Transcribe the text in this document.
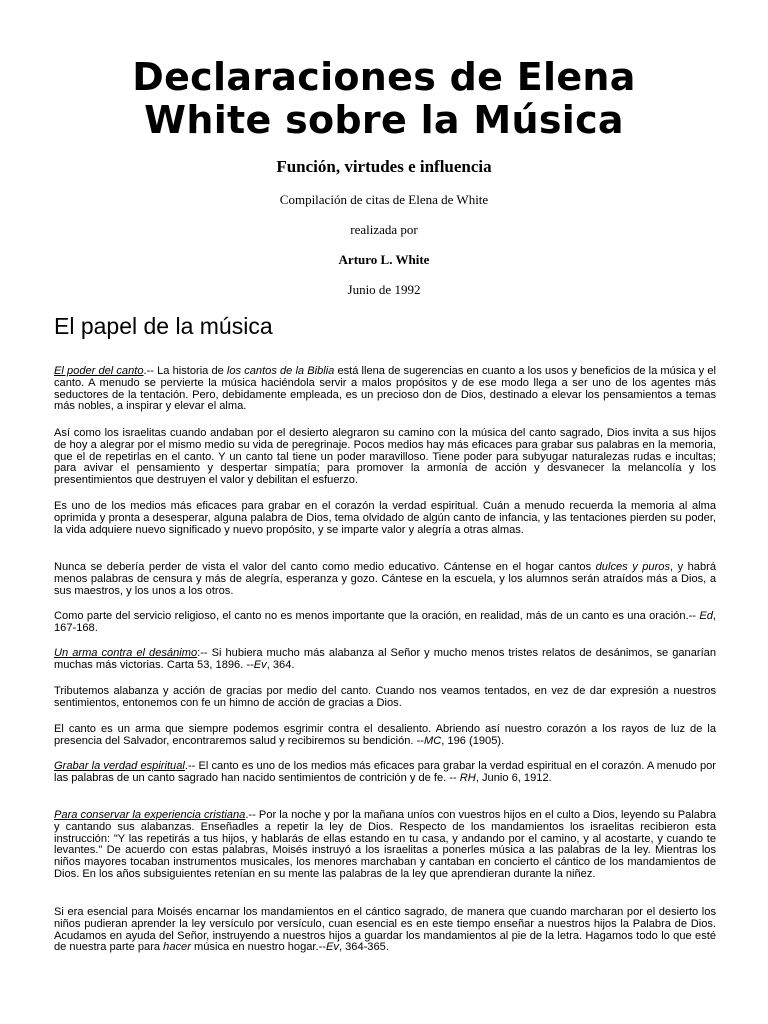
Declaraciones de Elena
White sobre la Música
Función, virtudes e influencia
Compilación de citas de Elena de White
realizada por
Arturo L. White
Junio de 1992
El papel de la música
El poder del canto.-- La historia de los cantos de la Biblia está llena de sugerencias en cuanto a los usos y beneficios de la música y el canto. A menudo se pervierte la música haciéndola servir a malos propósitos y de ese modo llega a ser uno de los agentes más seductores de la tentación. Pero, debidamente empleada, es un precioso don de Dios, destinado a elevar los pensamientos a temas más nobles, a inspirar y elevar el alma.
Así como los israelitas cuando andaban por el desierto alegraron su camino con la música del canto sagrado, Dios invita a sus hijos de hoy a alegrar por el mismo medio su vida de peregrinaje. Pocos medios hay más eficaces para grabar sus palabras en la memoria, que el de repetirlas en el canto. Y un canto tal tiene un poder maravilloso. Tiene poder para subyugar naturalezas rudas e incultas; para avivar el pensamiento y despertar simpatía; para promover la armonía de acción y desvanecer la melancolía y los presentimientos que destruyen el valor y debilitan el esfuerzo.
Es uno de los medios más eficaces para grabar en el corazón la verdad espiritual. Cuán a menudo recuerda la memoria al alma oprimida y pronta a desesperar, alguna palabra de Dios, tema olvidado de algún canto de infancia, y las tentaciones pierden su poder, la vida adquiere nuevo significado y nuevo propósito, y se imparte valor y alegría a otras almas.
Nunca se debería perder de vista el valor del canto como medio educativo. Cántense en el hogar cantos dulces y puros, y habrá menos palabras de censura y más de alegría, esperanza y gozo. Cántese en la escuela, y los alumnos serán atraídos más a Dios, a sus maestros, y los unos a los otros.
Como parte del servicio religioso, el canto no es menos importante que la oración, en realidad, más de un canto es una oración.-- Ed, 167-168.
Un arma contra el desánimo:-- Si hubiera mucho más alabanza al Señor y mucho menos tristes relatos de desánimos, se ganarían muchas más victorias. Carta 53, 1896. --Ev, 364.
Tributemos alabanza y acción de gracias por medio del canto. Cuando nos veamos tentados, en vez de dar expresión a nuestros sentimientos, entonemos con fe un himno de acción de gracias a Dios.
El canto es un arma que siempre podemos esgrimir contra el desaliento. Abriendo así nuestro corazón a los rayos de luz de la presencia del Salvador, encontraremos salud y recibiremos su bendición. --MC, 196 (1905).
Grabar la verdad espiritual.-- El canto es uno de los medios más eficaces para grabar la verdad espiritual en el corazón. A menudo por las palabras de un canto sagrado han nacido sentimientos de contrición y de fe. -- RH, Junio 6, 1912.
Para conservar la experiencia cristiana.-- Por la noche y por la mañana uníos con vuestros hijos en el culto a Dios, leyendo su Palabra y cantando sus alabanzas. Enseñadles a repetir la ley de Dios. Respecto de los mandamientos los israelitas recibieron esta instrucción: "Y las repetirás a tus hijos, y hablarás de ellas estando en tu casa, y andando por el camino, y al acostarte, y cuando te levantes." De acuerdo con estas palabras, Moisés instruyó a los israelitas a ponerles música a las palabras de la ley. Mientras los niños mayores tocaban instrumentos musicales, los menores marchaban y cantaban en concierto el cántico de los mandamientos de Dios. En los años subsiguientes retenían en su mente las palabras de la ley que aprendieran durante la niñez.
Si era esencial para Moisés encarnar los mandamientos en el cántico sagrado, de manera que cuando marcharan por el desierto los niños pudieran aprender la ley versículo por versículo, cuan esencial es en este tiempo enseñar a nuestros hijos la Palabra de Dios. Acudamos en ayuda del Señor, instruyendo a nuestros hijos a guardar los mandamientos al pie de la letra. Hagamos todo lo que esté de nuestra parte para hacer música en nuestro hogar.--Ev, 364-365.
